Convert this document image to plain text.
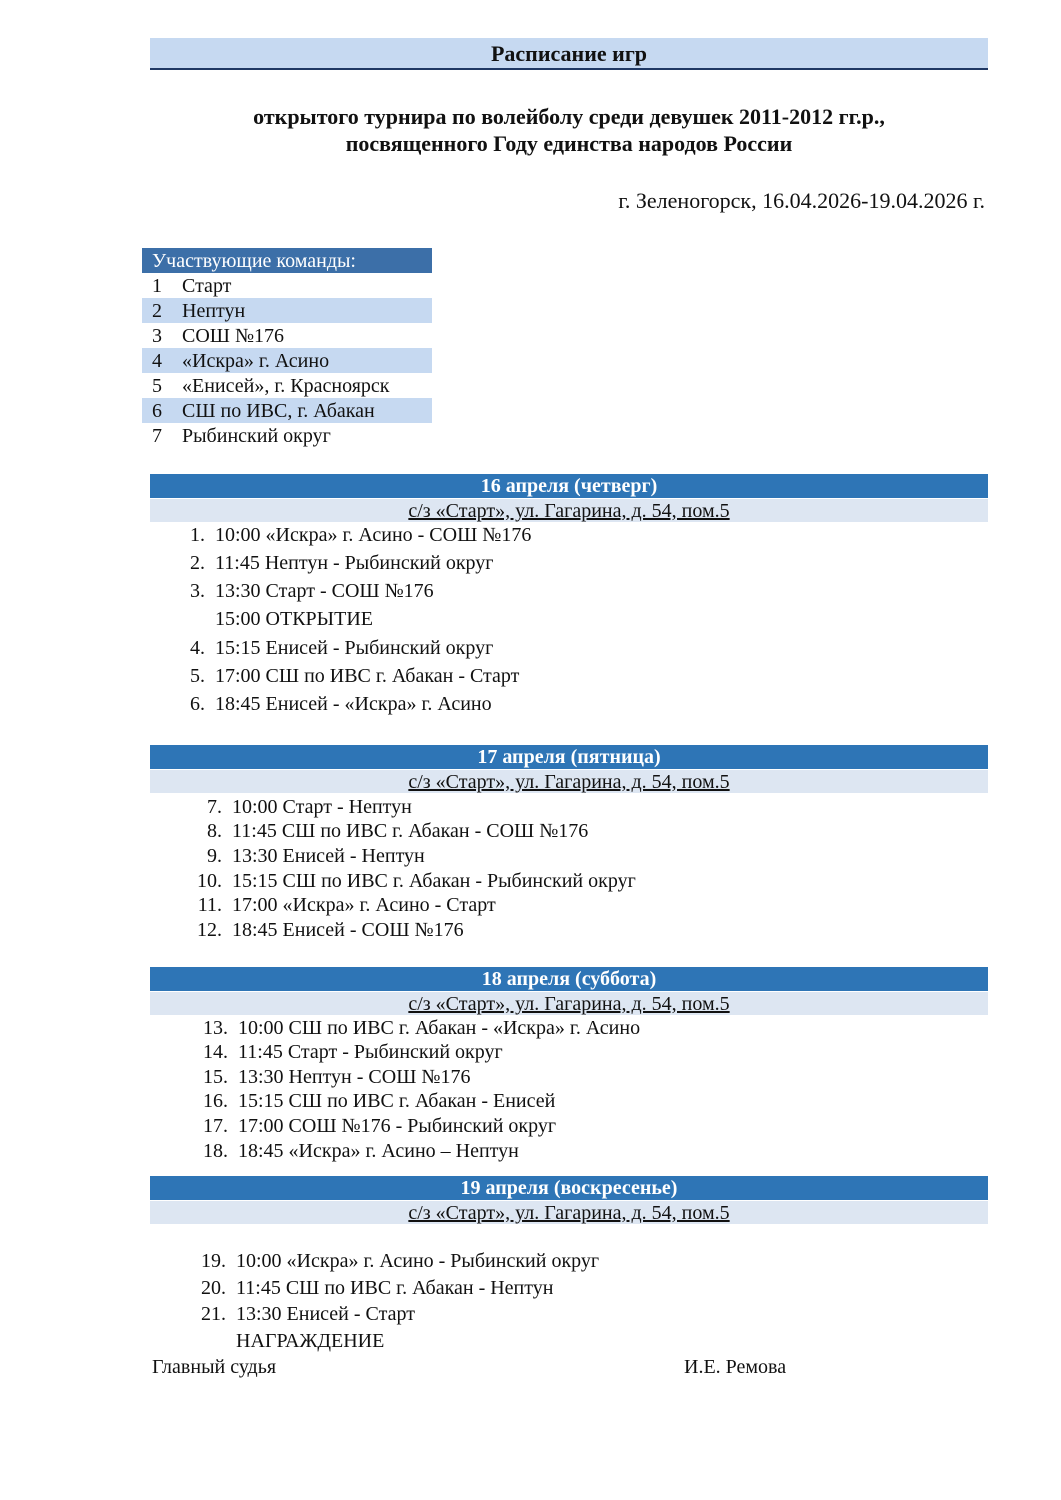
Расписание игр
открытого турнира по волейболу среди девушек 2011-2012 гг.р.,
посвященного Году единства народов России
г. Зеленогорск, 16.04.2026-19.04.2026 г.
Участвующие команды:
1	Старт
2	Нептун
3	СОШ №176
4	«Искра» г. Асино
5	«Енисей», г. Красноярск
6	СШ по ИВС, г. Абакан
7	Рыбинский округ
16 апреля (четверг)
с/з «Старт», ул. Гагарина, д. 54, пом.5
1. 10:00 «Искра» г. Асино - СОШ №176
2. 11:45 Нептун - Рыбинский округ
3. 13:30 Старт - СОШ №176
15:00 ОТКРЫТИЕ
4. 15:15 Енисей - Рыбинский округ
5. 17:00 СШ по ИВС г. Абакан - Старт
6. 18:45 Енисей - «Искра» г. Асино
17 апреля (пятница)
с/з «Старт», ул. Гагарина, д. 54, пом.5
7. 10:00 Старт - Нептун
8. 11:45 СШ по ИВС г. Абакан - СОШ №176
9. 13:30 Енисей - Нептун
10. 15:15 СШ по ИВС г. Абакан - Рыбинский округ
11. 17:00 «Искра» г. Асино - Старт
12. 18:45 Енисей - СОШ №176
18 апреля (суббота)
с/з «Старт», ул. Гагарина, д. 54, пом.5
13. 10:00 СШ по ИВС г. Абакан - «Искра» г. Асино
14. 11:45 Старт - Рыбинский округ
15. 13:30 Нептун - СОШ №176
16. 15:15 СШ по ИВС г. Абакан - Енисей
17. 17:00 СОШ №176 - Рыбинский округ
18. 18:45 «Искра» г. Асино – Нептун
19 апреля (воскресенье)
с/з «Старт», ул. Гагарина, д. 54, пом.5
19. 10:00 «Искра» г. Асино - Рыбинский округ
20. 11:45 СШ по ИВС г. Абакан - Нептун
21. 13:30 Енисей - Старт
НАГРАЖДЕНИЕ
Главный судья	И.Е. Ремова
